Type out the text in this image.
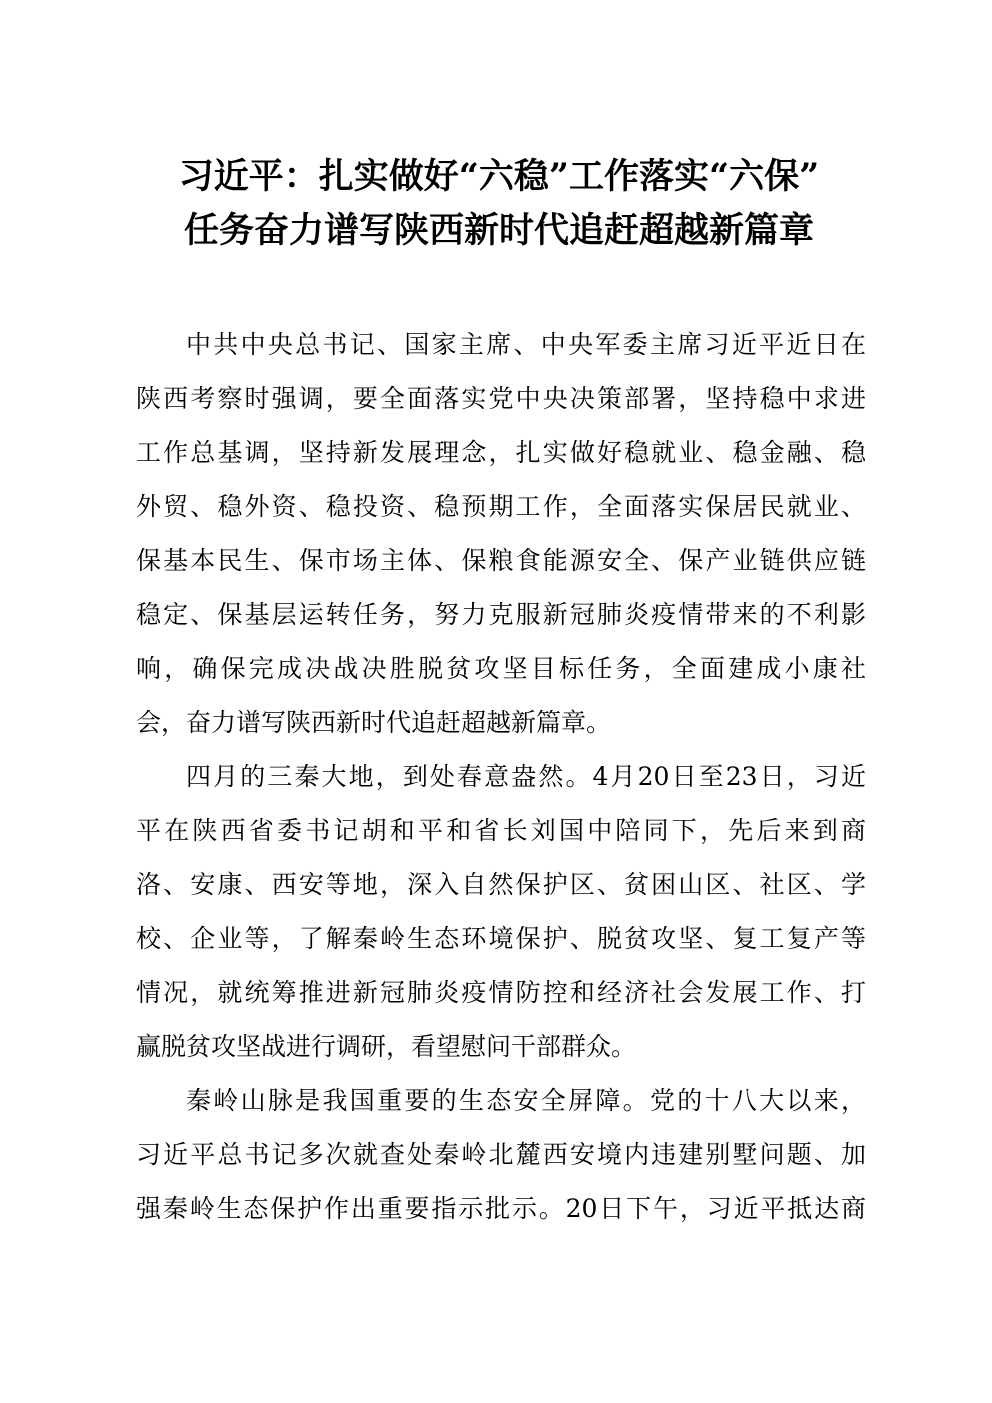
习近平：扎实做好“六稳”工作落实“六保”
任务奋力谱写陕西新时代追赶超越新篇章
中共中央总书记、国家主席、中央军委主席习近平近日在
陕西考察时强调，要全面落实党中央决策部署，坚持稳中求进
工作总基调，坚持新发展理念，扎实做好稳就业、稳金融、稳
外贸、稳外资、稳投资、稳预期工作，全面落实保居民就业、
保基本民生、保市场主体、保粮食能源安全、保产业链供应链
稳定、保基层运转任务，努力克服新冠肺炎疫情带来的不利影
响，确保完成决战决胜脱贫攻坚目标任务，全面建成小康社
会，奋力谱写陕西新时代追赶超越新篇章。
四月的三秦大地，到处春意盎然。4月20日至23日，习近
平在陕西省委书记胡和平和省长刘国中陪同下，先后来到商
洛、安康、西安等地，深入自然保护区、贫困山区、社区、学
校、企业等，了解秦岭生态环境保护、脱贫攻坚、复工复产等
情况，就统筹推进新冠肺炎疫情防控和经济社会发展工作、打
赢脱贫攻坚战进行调研，看望慰问干部群众。
秦岭山脉是我国重要的生态安全屏障。党的十八大以来，
习近平总书记多次就查处秦岭北麓西安境内违建别墅问题、加
强秦岭生态保护作出重要指示批示。20日下午，习近平抵达商
